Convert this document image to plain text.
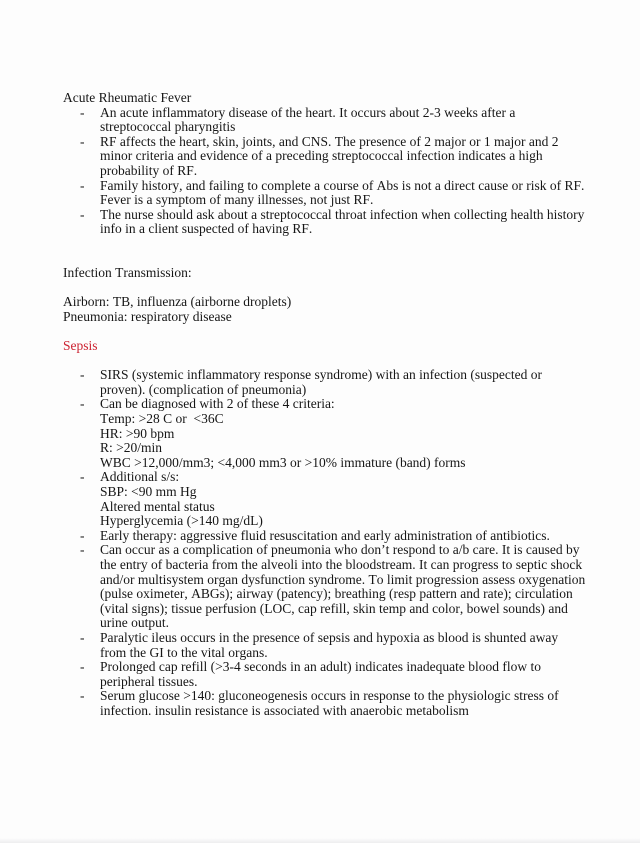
Acute Rheumatic Fever
-	An acute inflammatory disease of the heart. It occurs about 2-3 weeks after a streptococcal pharyngitis
-	RF affects the heart, skin, joints, and CNS. The presence of 2 major or 1 major and 2 minor criteria and evidence of a preceding streptococcal infection indicates a high probability of RF.
-	Family history, and failing to complete a course of Abs is not a direct cause or risk of RF. Fever is a symptom of many illnesses, not just RF.
-	The nurse should ask about a streptococcal throat infection when collecting health history info in a client suspected of having RF.
Infection Transmission:
Airborn: TB, influenza (airborne droplets)
Pneumonia: respiratory disease
Sepsis
-	SIRS (systemic inflammatory response syndrome) with an infection (suspected or proven). (complication of pneumonia)
-	Can be diagnosed with 2 of these 4 criteria:
Temp: >28 C or  <36C
HR: >90 bpm
R: >20/min
WBC >12,000/mm3; <4,000 mm3 or >10% immature (band) forms
-	Additional s/s:
SBP: <90 mm Hg
Altered mental status
Hyperglycemia (>140 mg/dL)
-	Early therapy: aggressive fluid resuscitation and early administration of antibiotics.
-	Can occur as a complication of pneumonia who don’t respond to a/b care. It is caused by the entry of bacteria from the alveoli into the bloodstream. It can progress to septic shock and/or multisystem organ dysfunction syndrome. To limit progression assess oxygenation (pulse oximeter, ABGs); airway (patency); breathing (resp pattern and rate); circulation (vital signs); tissue perfusion (LOC, cap refill, skin temp and color, bowel sounds) and urine output.
-	Paralytic ileus occurs in the presence of sepsis and hypoxia as blood is shunted away from the GI to the vital organs.
-	Prolonged cap refill (>3-4 seconds in an adult) indicates inadequate blood flow to peripheral tissues.
-	Serum glucose >140: gluconeogenesis occurs in response to the physiologic stress of infection. insulin resistance is associated with anaerobic metabolism
